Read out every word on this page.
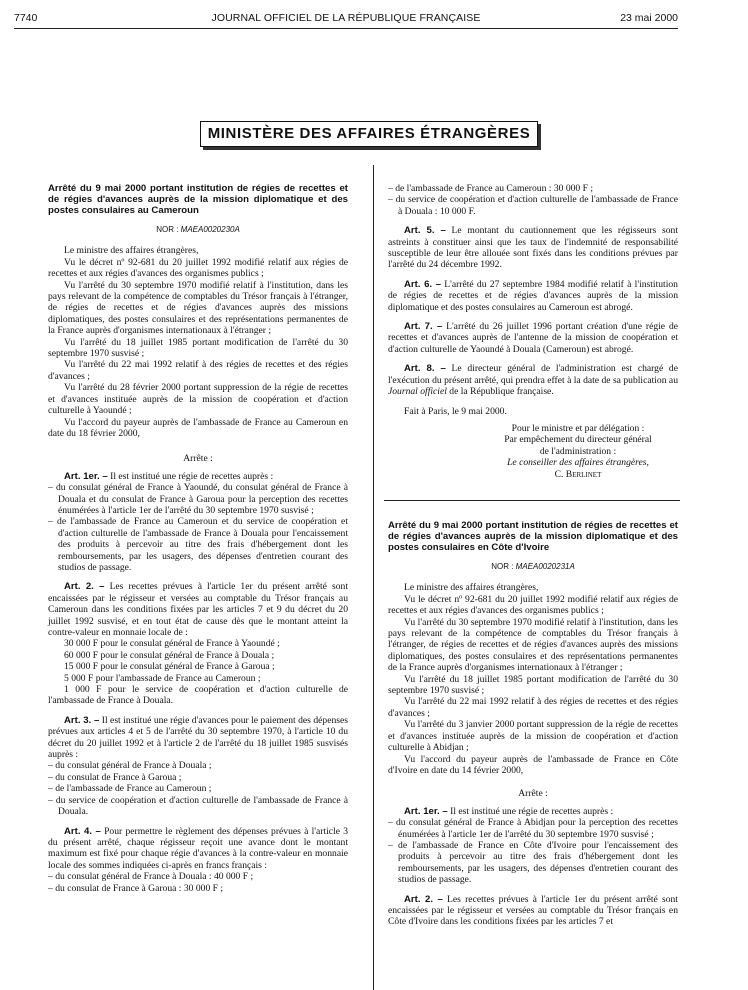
7740	JOURNAL OFFICIEL DE LA RÉPUBLIQUE FRANÇAISE	23 mai 2000
MINISTÈRE DES AFFAIRES ÉTRANGÈRES

Arrêté du 9 mai 2000 portant institution de régies de recettes et de régies d'avances auprès de la mission diplomatique et des postes consulaires au Cameroun

NOR : MAEA0020230A

Le ministre des affaires étrangères,

Vu le décret nº 92-681 du 20 juillet 1992 modifié relatif aux régies de recettes et aux régies d'avances des organismes publics ;

Vu l'arrêté du 30 septembre 1970 modifié relatif à l'institution, dans les pays relevant de la compétence de comptables du Trésor français à l'étranger, de régies de recettes et de régies d'avances auprès des missions diplomatiques, des postes consulaires et des représentations permanentes de la France auprès d'organismes internationaux à l'étranger ;

Vu l'arrêté du 18 juillet 1985 portant modification de l'arrêté du 30 septembre 1970 susvisé ;

Vu l'arrêté du 22 mai 1992 relatif à des régies de recettes et des régies d'avances ;

Vu l'arrêté du 28 février 2000 portant suppression de la régie de recettes et d'avances instituée auprès de la mission de coopération et d'action culturelle à Yaoundé ;

Vu l'accord du payeur auprès de l'ambassade de France au Cameroun en date du 18 février 2000,

Arrête :

Art. 1er. – Il est institué une régie de recettes auprès :

– du consulat général de France à Yaoundé, du consulat général de France à Douala et du consulat de France à Garoua pour la perception des recettes énumérées à l'article 1er de l'arrêté du 30 septembre 1970 susvisé ;

– de l'ambassade de France au Cameroun et du service de coopération et d'action culturelle de l'ambassade de France à Douala pour l'encaissement des produits à percevoir au titre des frais d'hébergement dont les remboursements, par les usagers, des dépenses d'entretien courant des studios de passage.

Art. 2. – Les recettes prévues à l'article 1er du présent arrêté sont encaissées par le régisseur et versées au comptable du Trésor français au Cameroun dans les conditions fixées par les articles 7 et 9 du décret du 20 juillet 1992 susvisé, et en tout état de cause dès que le montant atteint la contre-valeur en monnaie locale de :

30 000 F pour le consulat général de France à Yaoundé ;

60 000 F pour le consulat général de France à Douala ;

15 000 F pour le consulat général de France à Garoua ;

5 000 F pour l'ambassade de France au Cameroun ;

1 000 F pour le service de coopération et d'action culturelle de l'ambassade de France à Douala.

Art. 3. – Il est institué une régie d'avances pour le paiement des dépenses prévues aux articles 4 et 5 de l'arrêté du 30 septembre 1970, à l'article 10 du décret du 20 juillet 1992 et à l'article 2 de l'arrêté du 18 juillet 1985 susvisés auprès :

– du consulat général de France à Douala ;

– du consulat de France à Garoua ;

– de l'ambassade de France au Cameroun ;

– du service de coopération et d'action culturelle de l'ambassade de France à Douala.

Art. 4. – Pour permettre le règlement des dépenses prévues à l'article 3 du présent arrêté, chaque régisseur reçoit une avance dont le montant maximum est fixé pour chaque régie d'avances à la contre-valeur en monnaie locale des sommes indiquées ci-après en francs français :

– du consulat général de France à Douala : 40 000 F ;

– du consulat de France à Garoua : 30 000 F ;

– de l'ambassade de France au Cameroun : 30 000 F ;

– du service de coopération et d'action culturelle de l'ambassade de France à Douala : 10 000 F.

Art. 5. – Le montant du cautionnement que les régisseurs sont astreints à constituer ainsi que les taux de l'indemnité de responsabilité susceptible de leur être allouée sont fixés dans les conditions prévues par l'arrêté du 24 décembre 1992.

Art. 6. – L'arrêté du 27 septembre 1984 modifié relatif à l'institution de régies de recettes et de régies d'avances auprès de la mission diplomatique et des postes consulaires au Cameroun est abrogé.

Art. 7. – L'arrêté du 26 juillet 1996 portant création d'une régie de recettes et d'avances auprès de l'antenne de la mission de coopération et d'action culturelle de Yaoundé à Douala (Cameroun) est abrogé.

Art. 8. – Le directeur général de l'administration est chargé de l'exécution du présent arrêté, qui prendra effet à la date de sa publication au Journal officiel de la République française.

Fait à Paris, le 9 mai 2000.

Pour le ministre et par délégation :

Par empêchement du directeur général

de l'administration :

Le conseiller des affaires étrangères,

C. Berlinet

Arrêté du 9 mai 2000 portant institution de régies de recettes et de régies d'avances auprès de la mission diplomatique et des postes consulaires en Côte d'Ivoire

NOR : MAEA0020231A

Le ministre des affaires étrangères,

Vu le décret nº 92-681 du 20 juillet 1992 modifié relatif aux régies de recettes et aux régies d'avances des organismes publics ;

Vu l'arrêté du 30 septembre 1970 modifié relatif à l'institution, dans les pays relevant de la compétence de comptables du Trésor français à l'étranger, de régies de recettes et de régies d'avances auprès des missions diplomatiques, des postes consulaires et des représentations permanentes de la France auprès d'organismes internationaux à l'étranger ;

Vu l'arrêté du 18 juillet 1985 portant modification de l'arrêté du 30 septembre 1970 susvisé ;

Vu l'arrêté du 22 mai 1992 relatif à des régies de recettes et des régies d'avances ;

Vu l'arrêté du 3 janvier 2000 portant suppression de la régie de recettes et d'avances instituée auprès de la mission de coopération et d'action culturelle à Abidjan ;

Vu l'accord du payeur auprès de l'ambassade de France en Côte d'Ivoire en date du 14 février 2000,

Arrête :

Art. 1er. – Il est institué une régie de recettes auprès :

– du consulat général de France à Abidjan pour la perception des recettes énumérées à l'article 1er de l'arrêté du 30 septembre 1970 susvisé ;

– de l'ambassade de France en Côte d'Ivoire pour l'encaissement des produits à percevoir au titre des frais d'hébergement dont les remboursements, par les usagers, des dépenses d'entretien courant des studios de passage.

Art. 2. – Les recettes prévues à l'article 1er du présent arrêté sont encaissées par le régisseur et versées au comptable du Trésor français en Côte d'Ivoire dans les conditions fixées par les articles 7 et
